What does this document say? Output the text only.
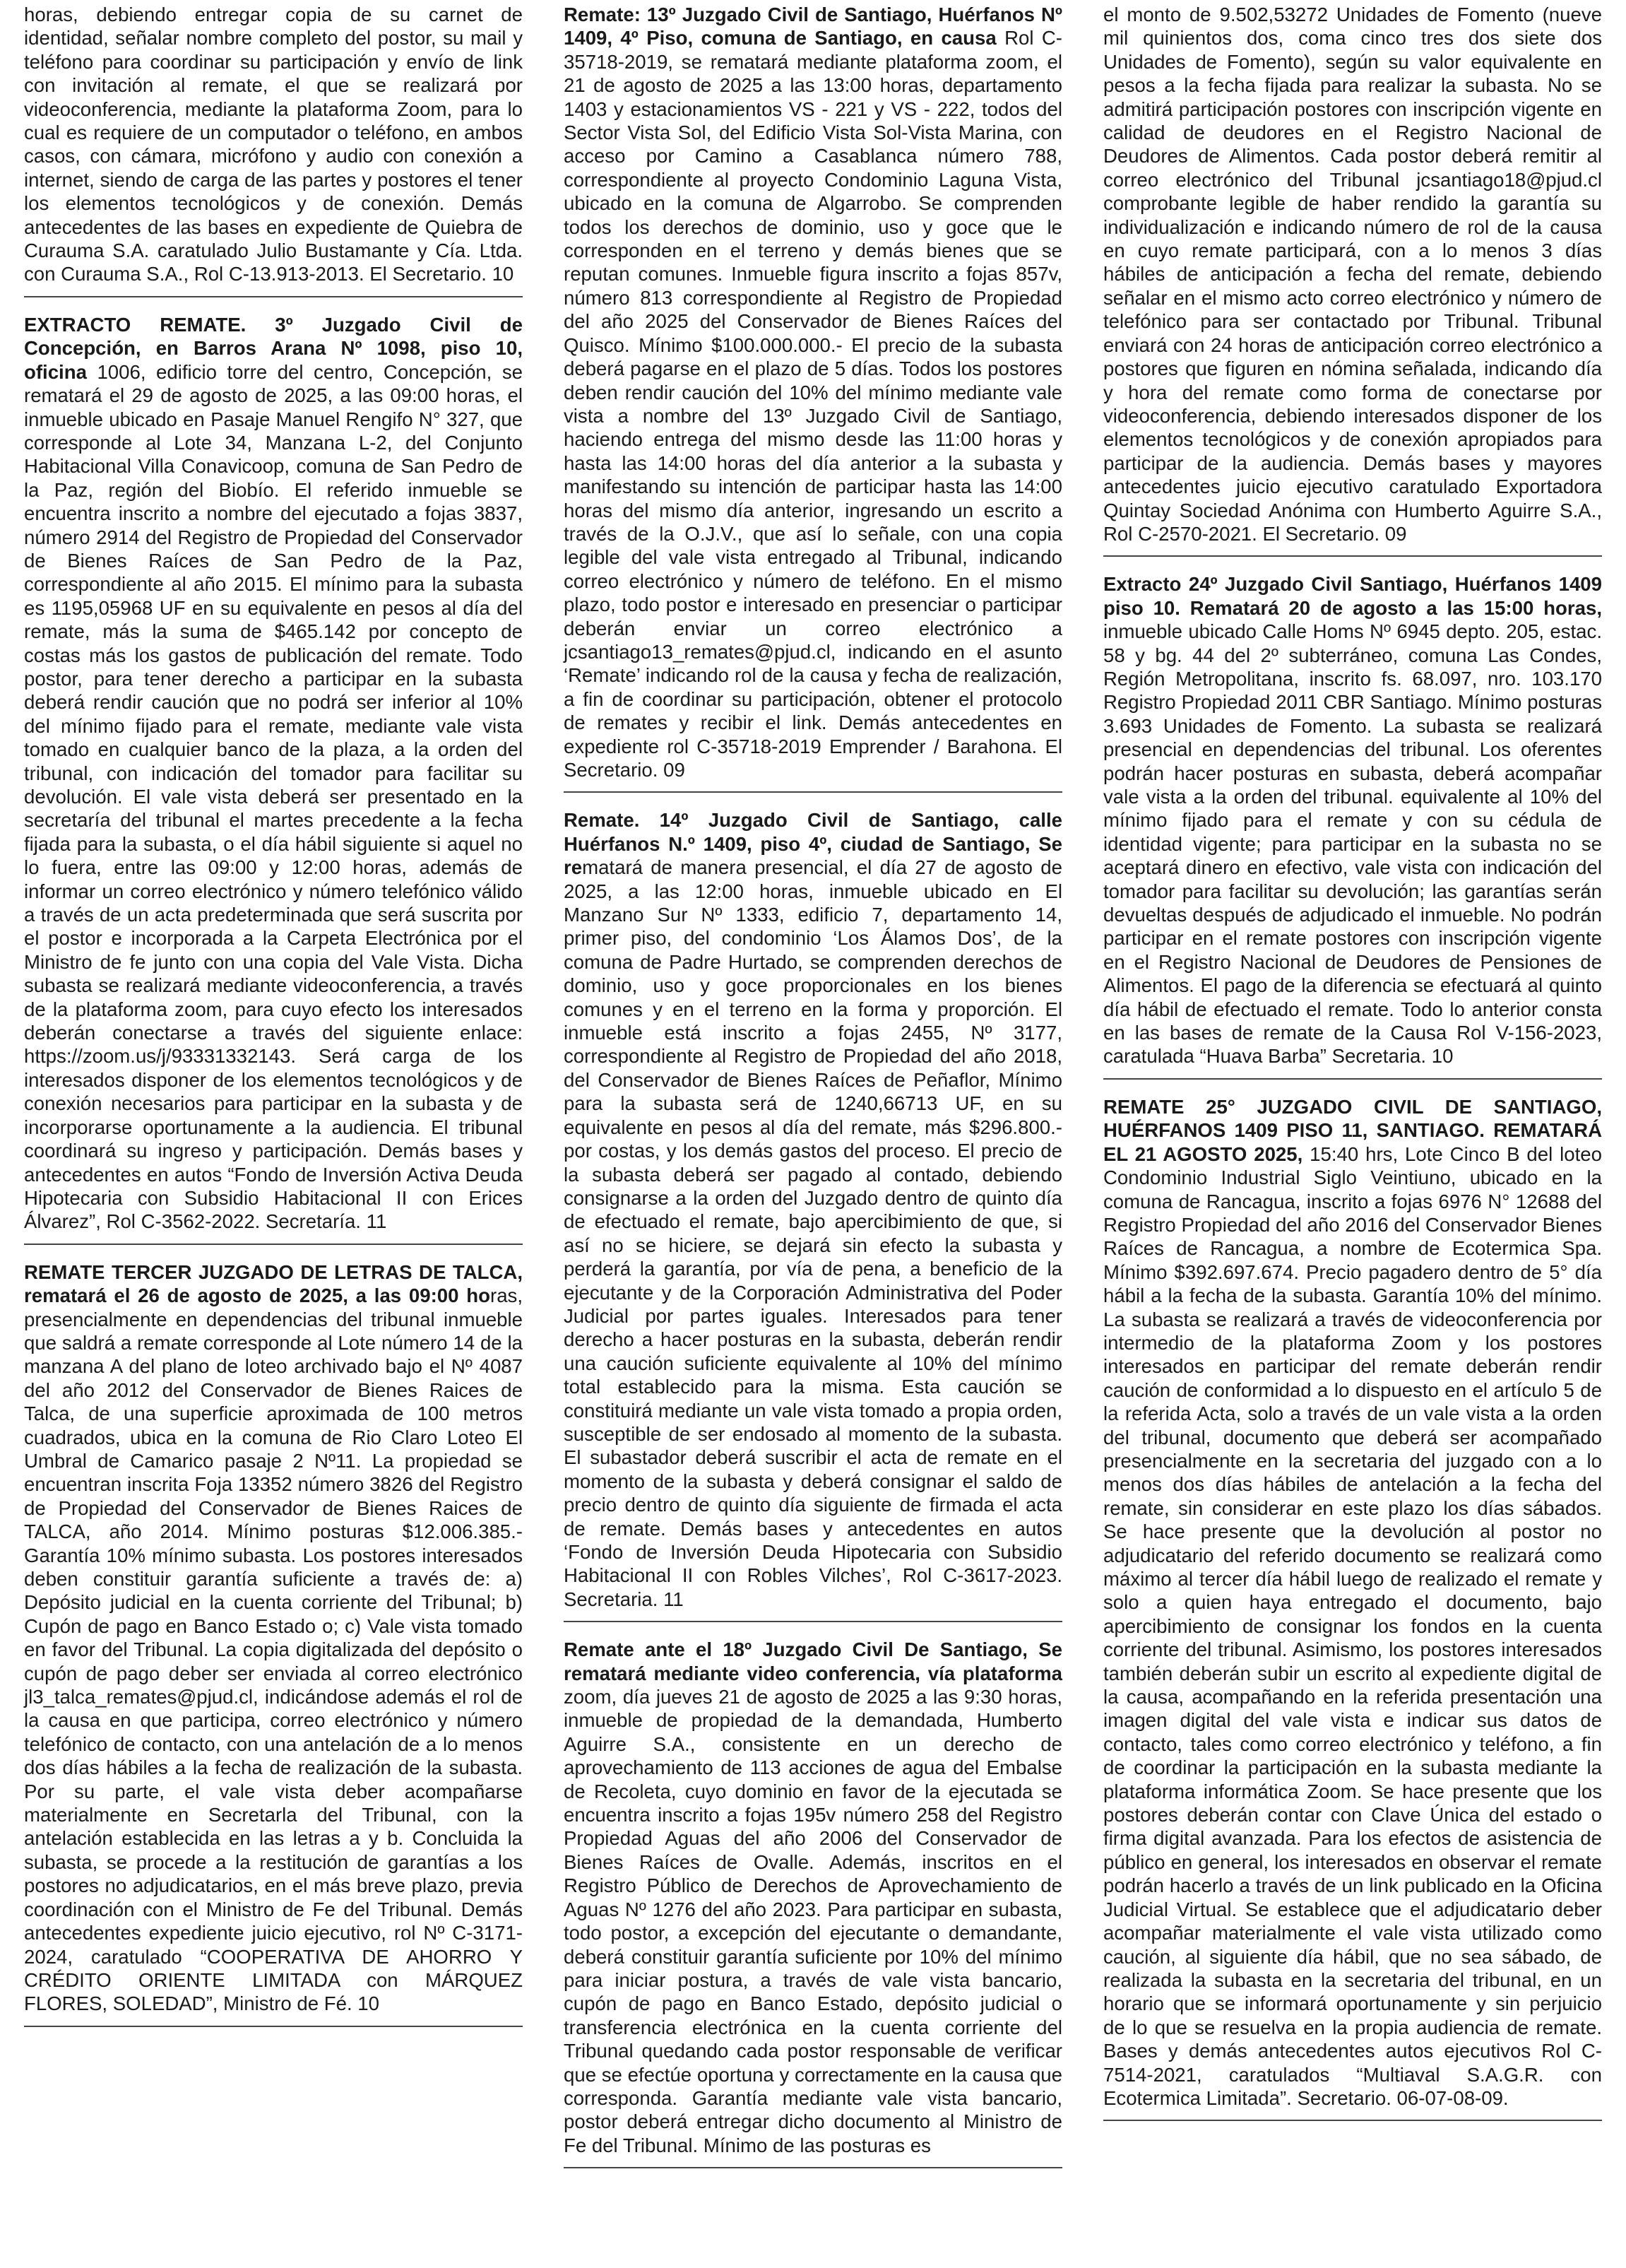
horas, debiendo entregar copia de su carnet de identidad, señalar nombre completo del postor, su mail y teléfono para coordinar su participación y envío de link con invitación al remate, el que se realizará por videoconferencia, mediante la plataforma Zoom, para lo cual es requiere de un computador o teléfono, en ambos casos, con cámara, micrófono y audio con conexión a internet, siendo de carga de las partes y postores el tener los elementos tecnológicos y de conexión. Demás antecedentes de las bases en expediente de Quiebra de Curauma S.A. caratulado Julio Bustamante y Cía. Ltda. con Curauma S.A., Rol C-13.913-2013. El Secretario. 10

EXTRACTO REMATE. 3º Juzgado Civil de Concepción, en Barros Arana Nº 1098, piso 10, oficina 1006, edificio torre del centro, Concepción, se rematará el 29 de agosto de 2025, a las 09:00 horas, el inmueble ubicado en Pasaje Manuel Rengifo N° 327, que corresponde al Lote 34, Manzana L-2, del Conjunto Habitacional Villa Conavicoop, comuna de San Pedro de la Paz, región del Biobío. El referido inmueble se encuentra inscrito a nombre del ejecutado a fojas 3837, número 2914 del Registro de Propiedad del Conservador de Bienes Raíces de San Pedro de la Paz, correspondiente al año 2015. El mínimo para la subasta es 1195,05968 UF en su equivalente en pesos al día del remate, más la suma de $465.142 por concepto de costas más los gastos de publicación del remate. Todo postor, para tener derecho a participar en la subasta deberá rendir caución que no podrá ser inferior al 10% del mínimo fijado para el remate, mediante vale vista tomado en cualquier banco de la plaza, a la orden del tribunal, con indicación del tomador para facilitar su devolución. El vale vista deberá ser presentado en la secretaría del tribunal el martes precedente a la fecha fijada para la subasta, o el día hábil siguiente si aquel no lo fuera, entre las 09:00 y 12:00 horas, además de informar un correo electrónico y número telefónico válido a través de un acta predeterminada que será suscrita por el postor e incorporada a la Carpeta Electrónica por el Ministro de fe junto con una copia del Vale Vista. Dicha subasta se realizará mediante videoconferencia, a través de la plataforma zoom, para cuyo efecto los interesados deberán conectarse a través del siguiente enlace: https://zoom.us/j/93331332143. Será carga de los interesados disponer de los elementos tecnológicos y de conexión necesarios para participar en la subasta y de incorporarse oportunamente a la audiencia. El tribunal coordinará su ingreso y participación. Demás bases y antecedentes en autos “Fondo de Inversión Activa Deuda Hipotecaria con Subsidio Habitacional II con Erices Álvarez”, Rol C-3562-2022. Secretaría. 11

REMATE TERCER JUZGADO DE LETRAS DE TALCA, rematará el 26 de agosto de 2025, a las 09:00 horas, presencialmente en dependencias del tribunal inmueble que saldrá a remate corresponde al Lote número 14 de la manzana A del plano de loteo archivado bajo el Nº 4087 del año 2012 del Conservador de Bienes Raices de Talca, de una superficie aproximada de 100 metros cuadrados, ubica en la comuna de Rio Claro Loteo El Umbral de Camarico pasaje 2 Nº11. La propiedad se encuentran inscrita Foja 13352 número 3826 del Registro de Propiedad del Conservador de Bienes Raices de TALCA, año 2014. Mínimo posturas $12.006.385.- Garantía 10% mínimo subasta. Los postores interesados deben constituir garantía suficiente a través de: a) Depósito judicial en la cuenta corriente del Tribunal; b) Cupón de pago en Banco Estado o; c) Vale vista tomado en favor del Tribunal. La copia digitalizada del depósito o cupón de pago deber ser enviada al correo electrónico jl3_talca_remates@pjud.cl, indicándose además el rol de la causa en que participa, correo electrónico y número telefónico de contacto, con una antelación de a lo menos dos días hábiles a la fecha de realización de la subasta. Por su parte, el vale vista deber acompañarse materialmente en Secretarla del Tribunal, con la antelación establecida en las letras a y b. Concluida la subasta, se procede a la restitución de garantías a los postores no adjudicatarios, en el más breve plazo, previa coordinación con el Ministro de Fe del Tribunal. Demás antecedentes expediente juicio ejecutivo, rol Nº C-3171-2024, caratulado “COOPERATIVA DE AHORRO Y CRÉDITO ORIENTE LIMITADA con MÁRQUEZ FLORES, SOLEDAD”, Ministro de Fé. 10

Remate: 13º Juzgado Civil de Santiago, Huérfanos Nº 1409, 4º Piso, comuna de Santiago, en causa Rol C-35718-2019, se rematará mediante plataforma zoom, el 21 de agosto de 2025 a las 13:00 horas, departamento 1403 y estacionamientos VS - 221 y VS - 222, todos del Sector Vista Sol, del Edificio Vista Sol-Vista Marina, con acceso por Camino a Casablanca número 788, correspondiente al proyecto Condominio Laguna Vista, ubicado en la comuna de Algarrobo. Se comprenden todos los derechos de dominio, uso y goce que le corresponden en el terreno y demás bienes que se reputan comunes. Inmueble figura inscrito a fojas 857v, número 813 correspondiente al Registro de Propiedad del año 2025 del Conservador de Bienes Raíces del Quisco. Mínimo $100.000.000.- El precio de la subasta deberá pagarse en el plazo de 5 días. Todos los postores deben rendir caución del 10% del mínimo mediante vale vista a nombre del 13º Juzgado Civil de Santiago, haciendo entrega del mismo desde las 11:00 horas y hasta las 14:00 horas del día anterior a la subasta y manifestando su intención de participar hasta las 14:00 horas del mismo día anterior, ingresando un escrito a través de la O.J.V., que así lo señale, con una copia legible del vale vista entregado al Tribunal, indicando correo electrónico y número de teléfono. En el mismo plazo, todo postor e interesado en presenciar o participar deberán enviar un correo electrónico a jcsantiago13_remates@pjud.cl, indicando en el asunto ‘Remate’ indicando rol de la causa y fecha de realización, a fin de coordinar su participación, obtener el protocolo de remates y recibir el link. Demás antecedentes en expediente rol C-35718-2019 Emprender / Barahona. El Secretario. 09

Remate. 14º Juzgado Civil de Santiago, calle Huérfanos N.º 1409, piso 4º, ciudad de Santiago, Se rematará de manera presencial, el día 27 de agosto de 2025, a las 12:00 horas, inmueble ubicado en El Manzano Sur Nº 1333, edificio 7, departamento 14, primer piso, del condominio ‘Los Álamos Dos’, de la comuna de Padre Hurtado, se comprenden derechos de dominio, uso y goce proporcionales en los bienes comunes y en el terreno en la forma y proporción. El inmueble está inscrito a fojas 2455, Nº 3177, correspondiente al Registro de Propiedad del año 2018, del Conservador de Bienes Raíces de Peñaflor, Mínimo para la subasta será de 1240,66713 UF, en su equivalente en pesos al día del remate, más $296.800.- por costas, y los demás gastos del proceso. El precio de la subasta deberá ser pagado al contado, debiendo consignarse a la orden del Juzgado dentro de quinto día de efectuado el remate, bajo apercibimiento de que, si así no se hiciere, se dejará sin efecto la subasta y perderá la garantía, por vía de pena, a beneficio de la ejecutante y de la Corporación Administrativa del Poder Judicial por partes iguales. Interesados para tener derecho a hacer posturas en la subasta, deberán rendir una caución suficiente equivalente al 10% del mínimo total establecido para la misma. Esta caución se constituirá mediante un vale vista tomado a propia orden, susceptible de ser endosado al momento de la subasta. El subastador deberá suscribir el acta de remate en el momento de la subasta y deberá consignar el saldo de precio dentro de quinto día siguiente de firmada el acta de remate. Demás bases y antecedentes en autos ‘Fondo de Inversión Deuda Hipotecaria con Subsidio Habitacional II con Robles Vilches’, Rol C-3617-2023. Secretaria. 11

Remate ante el 18º Juzgado Civil De Santiago, Se rematará mediante video conferencia, vía plataforma zoom, día jueves 21 de agosto de 2025 a las 9:30 horas, inmueble de propiedad de la demandada, Humberto Aguirre S.A., consistente en un derecho de aprovechamiento de 113 acciones de agua del Embalse de Recoleta, cuyo dominio en favor de la ejecutada se encuentra inscrito a fojas 195v número 258 del Registro Propiedad Aguas del año 2006 del Conservador de Bienes Raíces de Ovalle. Además, inscritos en el Registro Público de Derechos de Aprovechamiento de Aguas Nº 1276 del año 2023. Para participar en subasta, todo postor, a excepción del ejecutante o demandante, deberá constituir garantía suficiente por 10% del mínimo para iniciar postura, a través de vale vista bancario, cupón de pago en Banco Estado, depósito judicial o transferencia electrónica en la cuenta corriente del Tribunal quedando cada postor responsable de verificar que se efectúe oportuna y correctamente en la causa que corresponda. Garantía mediante vale vista bancario, postor deberá entregar dicho documento al Ministro de Fe del Tribunal. Mínimo de las posturas es

el monto de 9.502,53272 Unidades de Fomento (nueve mil quinientos dos, coma cinco tres dos siete dos Unidades de Fomento), según su valor equivalente en pesos a la fecha fijada para realizar la subasta. No se admitirá participación postores con inscripción vigente en calidad de deudores en el Registro Nacional de Deudores de Alimentos. Cada postor deberá remitir al correo electrónico del Tribunal jcsantiago18@pjud.cl comprobante legible de haber rendido la garantía su individualización e indicando número de rol de la causa en cuyo remate participará, con a lo menos 3 días hábiles de anticipación a fecha del remate, debiendo señalar en el mismo acto correo electrónico y número de telefónico para ser contactado por Tribunal. Tribunal enviará con 24 horas de anticipación correo electrónico a postores que figuren en nómina señalada, indicando día y hora del remate como forma de conectarse por videoconferencia, debiendo interesados disponer de los elementos tecnológicos y de conexión apropiados para participar de la audiencia. Demás bases y mayores antecedentes juicio ejecutivo caratulado Exportadora Quintay Sociedad Anónima con Humberto Aguirre S.A., Rol C-2570-2021. El Secretario. 09

Extracto 24º Juzgado Civil Santiago, Huérfanos 1409 piso 10. Rematará 20 de agosto a las 15:00 horas, inmueble ubicado Calle Homs Nº 6945 depto. 205, estac. 58 y bg. 44 del 2º subterráneo, comuna Las Condes, Región Metropolitana, inscrito fs. 68.097, nro. 103.170 Registro Propiedad 2011 CBR Santiago. Mínimo posturas 3.693 Unidades de Fomento. La subasta se realizará presencial en dependencias del tribunal. Los oferentes podrán hacer posturas en subasta, deberá acompañar vale vista a la orden del tribunal. equivalente al 10% del mínimo fijado para el remate y con su cédula de identidad vigente; para participar en la subasta no se aceptará dinero en efectivo, vale vista con indicación del tomador para facilitar su devolución; las garantías serán devueltas después de adjudicado el inmueble. No podrán participar en el remate postores con inscripción vigente en el Registro Nacional de Deudores de Pensiones de Alimentos. El pago de la diferencia se efectuará al quinto día hábil de efectuado el remate. Todo lo anterior consta en las bases de remate de la Causa Rol V-156-2023, caratulada “Huava Barba” Secretaria. 10

REMATE 25° JUZGADO CIVIL DE SANTIAGO, HUÉRFANOS 1409 PISO 11, SANTIAGO. REMATARÁ EL 21 AGOSTO 2025, 15:40 hrs, Lote Cinco B del loteo Condominio Industrial Siglo Veintiuno, ubicado en la comuna de Rancagua, inscrito a fojas 6976 N° 12688 del Registro Propiedad del año 2016 del Conservador Bienes Raíces de Rancagua, a nombre de Ecotermica Spa. Mínimo $392.697.674. Precio pagadero dentro de 5° día hábil a la fecha de la subasta. Garantía 10% del mínimo. La subasta se realizará a través de videoconferencia por intermedio de la plataforma Zoom y los postores interesados en participar del remate deberán rendir caución de conformidad a lo dispuesto en el artículo 5 de la referida Acta, solo a través de un vale vista a la orden del tribunal, documento que deberá ser acompañado presencialmente en la secretaria del juzgado con a lo menos dos días hábiles de antelación a la fecha del remate, sin considerar en este plazo los días sábados. Se hace presente que la devolución al postor no adjudicatario del referido documento se realizará como máximo al tercer día hábil luego de realizado el remate y solo a quien haya entregado el documento, bajo apercibimiento de consignar los fondos en la cuenta corriente del tribunal. Asimismo, los postores interesados también deberán subir un escrito al expediente digital de la causa, acompañando en la referida presentación una imagen digital del vale vista e indicar sus datos de contacto, tales como correo electrónico y teléfono, a fin de coordinar la participación en la subasta mediante la plataforma informática Zoom. Se hace presente que los postores deberán contar con Clave Única del estado o firma digital avanzada. Para los efectos de asistencia de público en general, los interesados en observar el remate podrán hacerlo a través de un link publicado en la Oficina Judicial Virtual. Se establece que el adjudicatario deber acompañar materialmente el vale vista utilizado como caución, al siguiente día hábil, que no sea sábado, de realizada la subasta en la secretaria del tribunal, en un horario que se informará oportunamente y sin perjuicio de lo que se resuelva en la propia audiencia de remate. Bases y demás antecedentes autos ejecutivos Rol C-7514-2021, caratulados “Multiaval S.A.G.R. con Ecotermica Limitada”. Secretario. 06-07-08-09.
